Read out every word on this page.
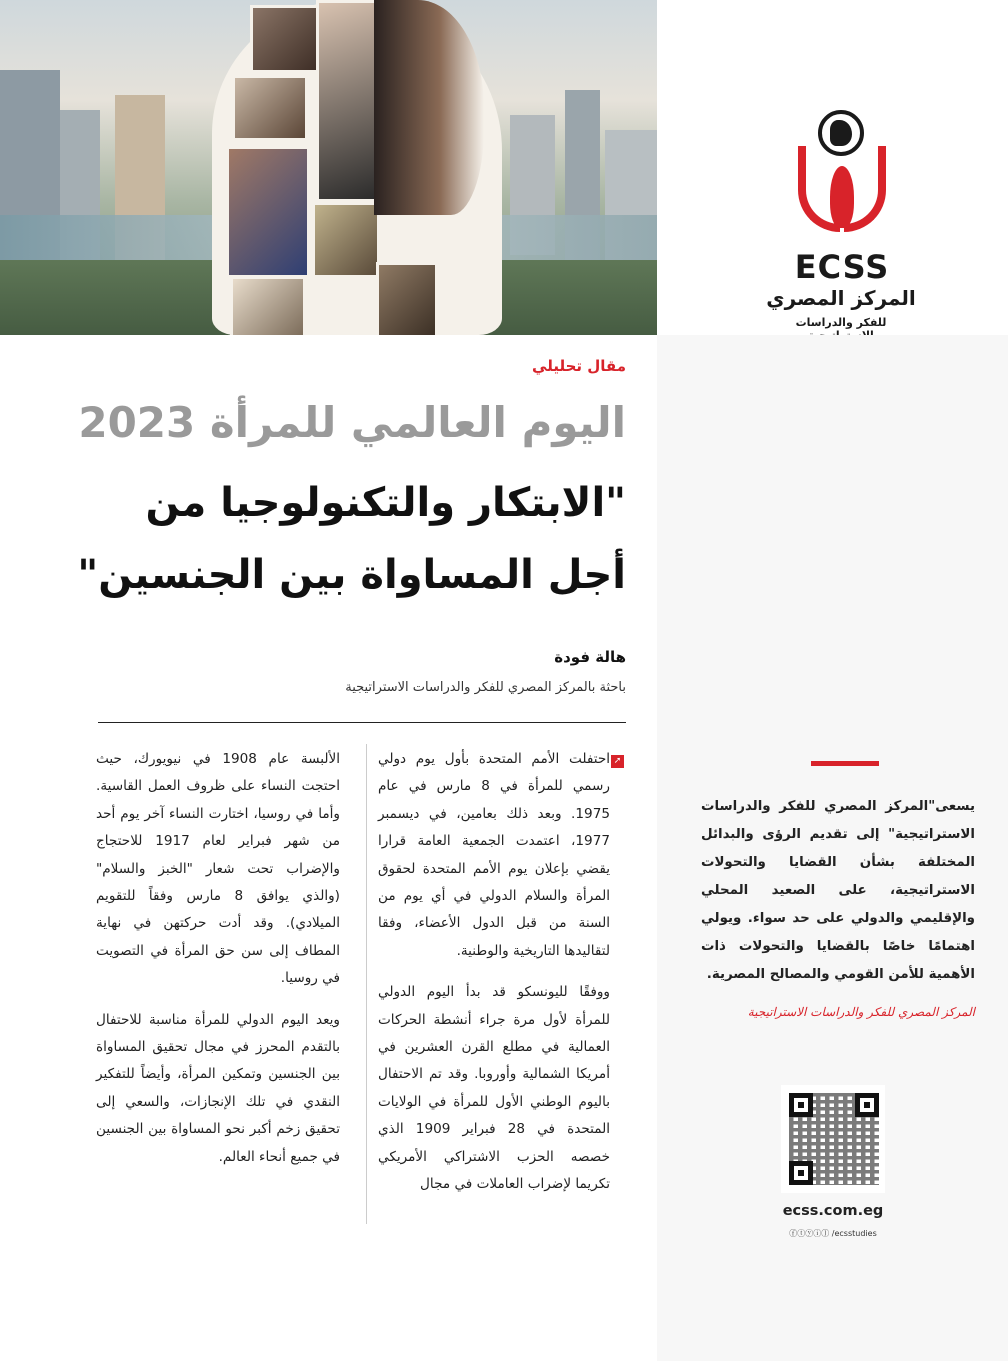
ECSS
المركز المصري
للفكر والدراسات
يسعى"المركز المصري للفكر والدراسات الاستراتيجية" إلى تقديم الرؤى والبدائل المختلفة بشأن القضايا والتحولات الاستراتيجية، على الصعيد المحلي والإقليمي والدولي على حد سواء. ويولي اهتمامًا خاصًا بالقضايا والتحولات ذات الأهمية للأمن القومي والمصالح المصرية.
المركز المصري للفكر والدراسات الاستراتيجية
ecss.com.eg
ⓕⓣⓨⓘⓛ /ecsstudies
مقال تحليلي
اليوم العالمي للمرأة 2023
"الابتكار والتكنولوجيا من
أجل المساواة بين الجنسين"
هالة فودة
باحثة بالمركز المصري للفكر والدراسات الاستراتيجية
➚

احتفلت الأمم المتحدة بأول يوم دولي رسمي للمرأة في 8 مارس في عام 1975. وبعد ذلك بعامين، في ديسمبر 1977، اعتمدت الجمعية العامة قرارا يقضي بإعلان يوم الأمم المتحدة لحقوق المرأة والسلام الدولي في أي يوم من السنة من قبل الدول الأعضاء، وفقا لتقاليدها التاريخية والوطنية.

ووفقًا لليونسكو قد بدأ اليوم الدولي للمرأة لأول مرة جراء أنشطة الحركات العمالية في مطلع القرن العشرين في أمريكا الشمالية وأوروبا. وقد تم الاحتفال باليوم الوطني الأول للمرأة في الولايات المتحدة في 28 فبراير 1909 الذي خصصه الحزب الاشتراكي الأمريكي تكريما لإضراب العاملات في مجال

الألبسة عام 1908 في نيويورك، حيث احتجت النساء على ظروف العمل القاسية. وأما في روسيا، اختارت النساء آخر يوم أحد من شهر فبراير لعام 1917 للاحتجاج والإضراب تحت شعار "الخبز والسلام" (والذي يوافق 8 مارس وفقاً للتقويم الميلادي). وقد أدت حركتهن في نهاية المطاف إلى سن حق المرأة في التصويت في روسيا.

ويعد اليوم الدولي للمرأة مناسبة للاحتفال بالتقدم المحرز في مجال تحقيق المساواة بين الجنسين وتمكين المرأة، وأيضاً للتفكير النقدي في تلك الإنجازات، والسعي إلى تحقيق زخم أكبر نحو المساواة بين الجنسين في جميع أنحاء العالم.
